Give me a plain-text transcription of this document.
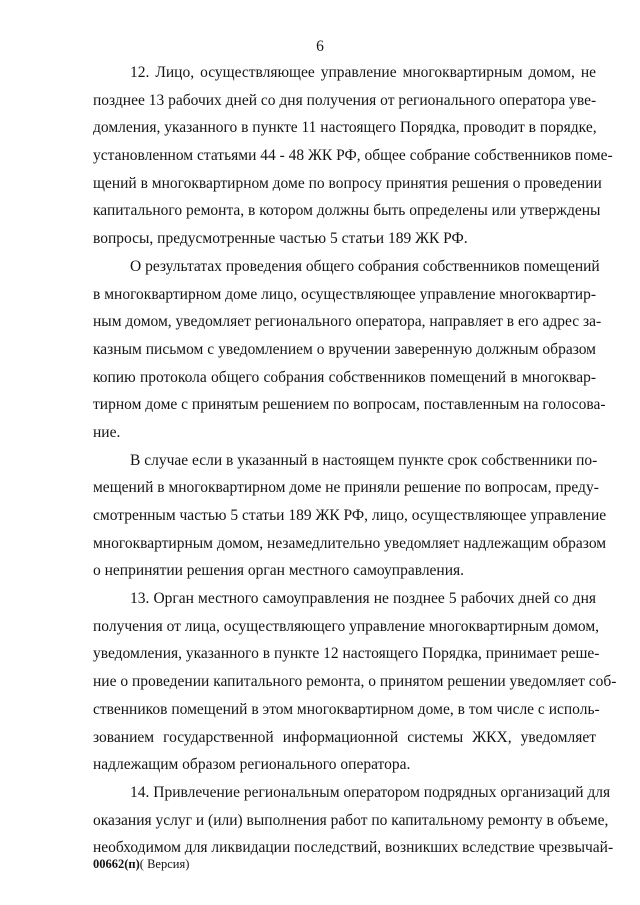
6
12. Лицо, осуществляющее управление многоквартирным домом, не
позднее 13 рабочих дней со дня получения от регионального оператора уве-
домления, указанного в пункте 11 настоящего Порядка, проводит в порядке,
установленном статьями 44 - 48 ЖК РФ, общее собрание собственников поме-
щений в многоквартирном доме по вопросу принятия решения о проведении
капитального ремонта, в котором должны быть определены или утверждены
вопросы, предусмотренные частью 5 статьи 189 ЖК РФ.
О результатах проведения общего собрания собственников помещений
в многоквартирном доме лицо, осуществляющее управление многоквартир-
ным домом, уведомляет регионального оператора, направляет в его адрес за-
казным письмом с уведомлением о вручении заверенную должным образом
копию протокола общего собрания собственников помещений в многоквар-
тирном доме с принятым решением по вопросам, поставленным на голосова-
ние.
В случае если в указанный в настоящем пункте срок собственники по-
мещений в многоквартирном доме не приняли решение по вопросам, преду-
смотренным частью 5 статьи 189 ЖК РФ, лицо, осуществляющее управление
многоквартирным домом, незамедлительно уведомляет надлежащим образом
о непринятии решения орган местного самоуправления.
13. Орган местного самоуправления не позднее 5 рабочих дней со дня
получения от лица, осуществляющего управление многоквартирным домом,
уведомления, указанного в пункте 12 настоящего Порядка, принимает реше-
ние о проведении капитального ремонта, о принятом решении уведомляет соб-
ственников помещений в этом многоквартирном доме, в том числе с исполь-
зованием государственной информационной системы ЖКХ, уведомляет
надлежащим образом регионального оператора.
14. Привлечение региональным оператором подрядных организаций для
оказания услуг и (или) выполнения работ по капитальному ремонту в объеме,
необходимом для ликвидации последствий, возникших вследствие чрезвычай-
00662(п)( Версия)
